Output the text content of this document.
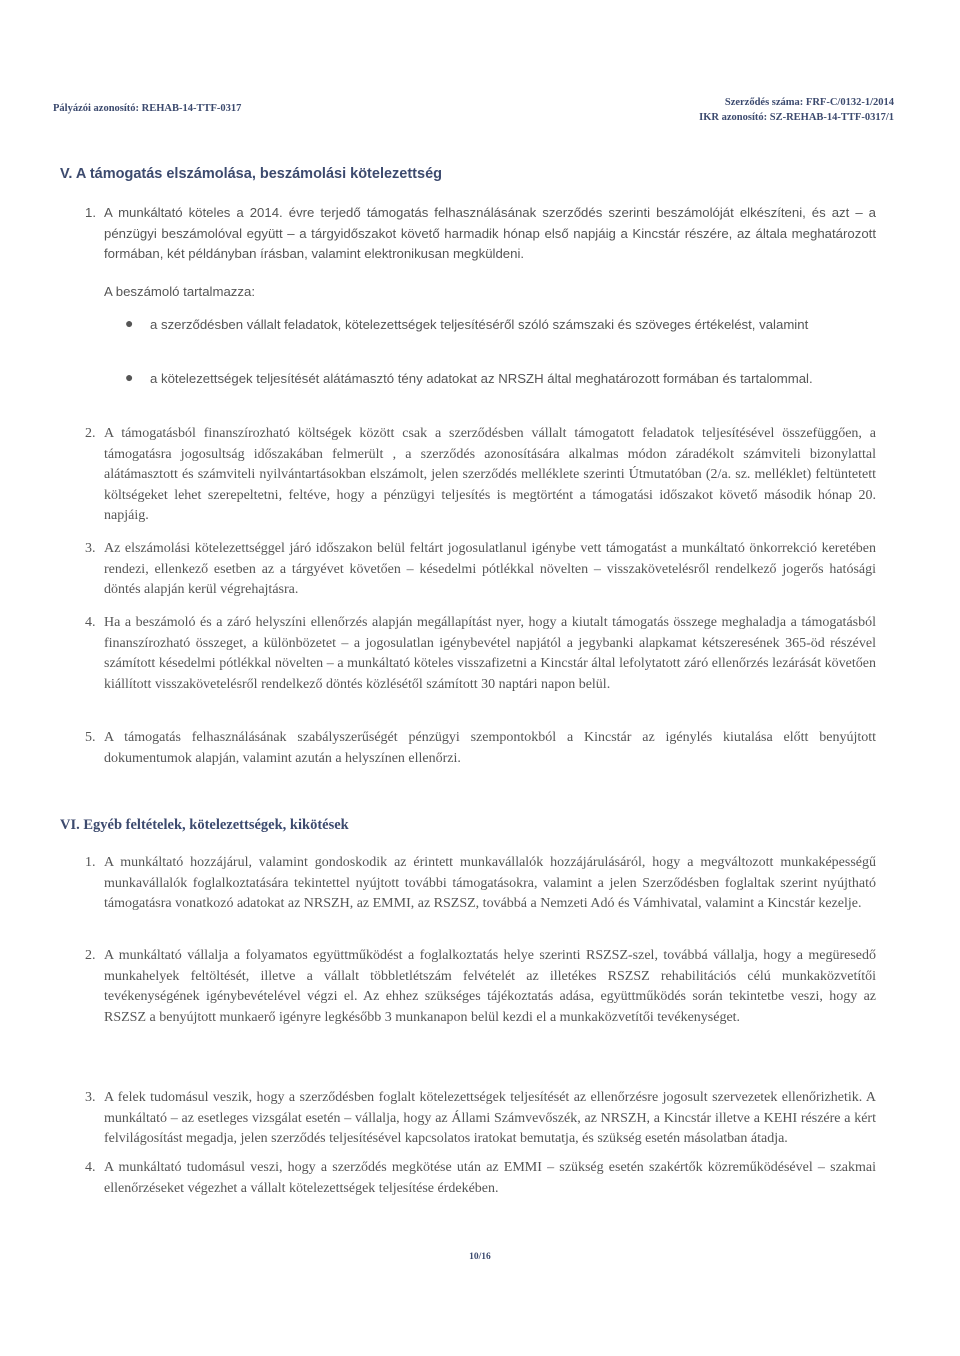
Pályázói azonosító: REHAB-14-TTF-0317
Szerződés száma: FRF-C/0132-1/2014
IKR azonosító: SZ-REHAB-14-TTF-0317/1
V. A támogatás elszámolása, beszámolási kötelezettség
1. A munkáltató köteles a 2014. évre terjedő támogatás felhasználásának szerződés szerinti beszámolóját elkészíteni, és azt – a pénzügyi beszámolóval együtt – a tárgyidőszakot követő harmadik hónap első napjáig a Kincstár részére, az általa meghatározott formában, két példányban írásban, valamint elektronikusan megküldeni.
A beszámoló tartalmazza:
● a szerződésben vállalt feladatok, kötelezettségek teljesítéséről szóló számszaki és szöveges értékelést, valamint
● a kötelezettségek teljesítését alátámasztó tény adatokat az NRSZH által meghatározott formában és tartalommal.
2. A támogatásból finanszírozható költségek között csak a szerződésben vállalt támogatott feladatok teljesítésével összefüggően, a támogatásra jogosultság időszakában felmerült , a szerződés azonosítására alkalmas módon záradékolt számviteli bizonylattal alátámasztott és számviteli nyilvántartásokban elszámolt, jelen szerződés melléklete szerinti Útmutatóban (2/a. sz. melléklet) feltüntetett költségeket lehet szerepeltetni, feltéve, hogy a pénzügyi teljesítés is megtörtént a támogatási időszakot követő második hónap 20. napjáig.
3. Az elszámolási kötelezettséggel járó időszakon belül feltárt jogosulatlanul igénybe vett támogatást a munkáltató önkorrekció keretében rendezi, ellenkező esetben az a tárgyévet követően – késedelmi pótlékkal növelten – visszakövetelésről rendelkező jogerős hatósági döntés alapján kerül végrehajtásra.
4. Ha a beszámoló és a záró helyszíni ellenőrzés alapján megállapítást nyer, hogy a kiutalt támogatás összege meghaladja a támogatásból finanszírozható összeget, a különbözetet – a jogosulatlan igénybevétel napjától a jegybanki alapkamat kétszeresének 365-öd részével számított késedelmi pótlékkal növelten – a munkáltató köteles visszafizetni a Kincstár által lefolytatott záró ellenőrzés lezárását követően kiállított visszakövetelésről rendelkező döntés közlésétől számított 30 naptári napon belül.
5. A támogatás felhasználásának szabályszerűségét pénzügyi szempontokból a Kincstár az igénylés kiutalása előtt benyújtott dokumentumok alapján, valamint azután a helyszínen ellenőrzi.
VI. Egyéb feltételek, kötelezettségek, kikötések
1. A munkáltató hozzájárul, valamint gondoskodik az érintett munkavállalók hozzájárulásáról, hogy a megváltozott munkaképességű munkavállalók foglalkoztatására tekintettel nyújtott további támogatásokra, valamint a jelen Szerződésben foglaltak szerint nyújtható támogatásra vonatkozó adatokat az NRSZH, az EMMI, az RSZSZ, továbbá a Nemzeti Adó és Vámhivatal, valamint a Kincstár kezelje.
2. A munkáltató vállalja a folyamatos együttműködést a foglalkoztatás helye szerinti RSZSZ-szel, továbbá vállalja, hogy a megüresedő munkahelyek feltöltését, illetve a vállalt többletlétszám felvételét az illetékes RSZSZ rehabilitációs célú munkaközvetítői tevékenységének igénybevételével végzi el. Az ehhez szükséges tájékoztatás adása, együttműködés során tekintetbe veszi, hogy az RSZSZ a benyújtott munkaerő igényre legkésőbb 3 munkanapon belül kezdi el a munkaközvetítői tevékenységet.
3. A felek tudomásul veszik, hogy a szerződésben foglalt kötelezettségek teljesítését az ellenőrzésre jogosult szervezetek ellenőrizhetik. A munkáltató – az esetleges vizsgálat esetén – vállalja, hogy az Állami Számvevőszék, az NRSZH, a Kincstár illetve a KEHI részére a kért felvilágosítást megadja, jelen szerződés teljesítésével kapcsolatos iratokat bemutatja, és szükség esetén másolatban átadja.
4. A munkáltató tudomásul veszi, hogy a szerződés megkötése után az EMMI – szükség esetén szakértők közreműködésével – szakmai ellenőrzéseket végezhet a vállalt kötelezettségek teljesítése érdekében.
10/16
